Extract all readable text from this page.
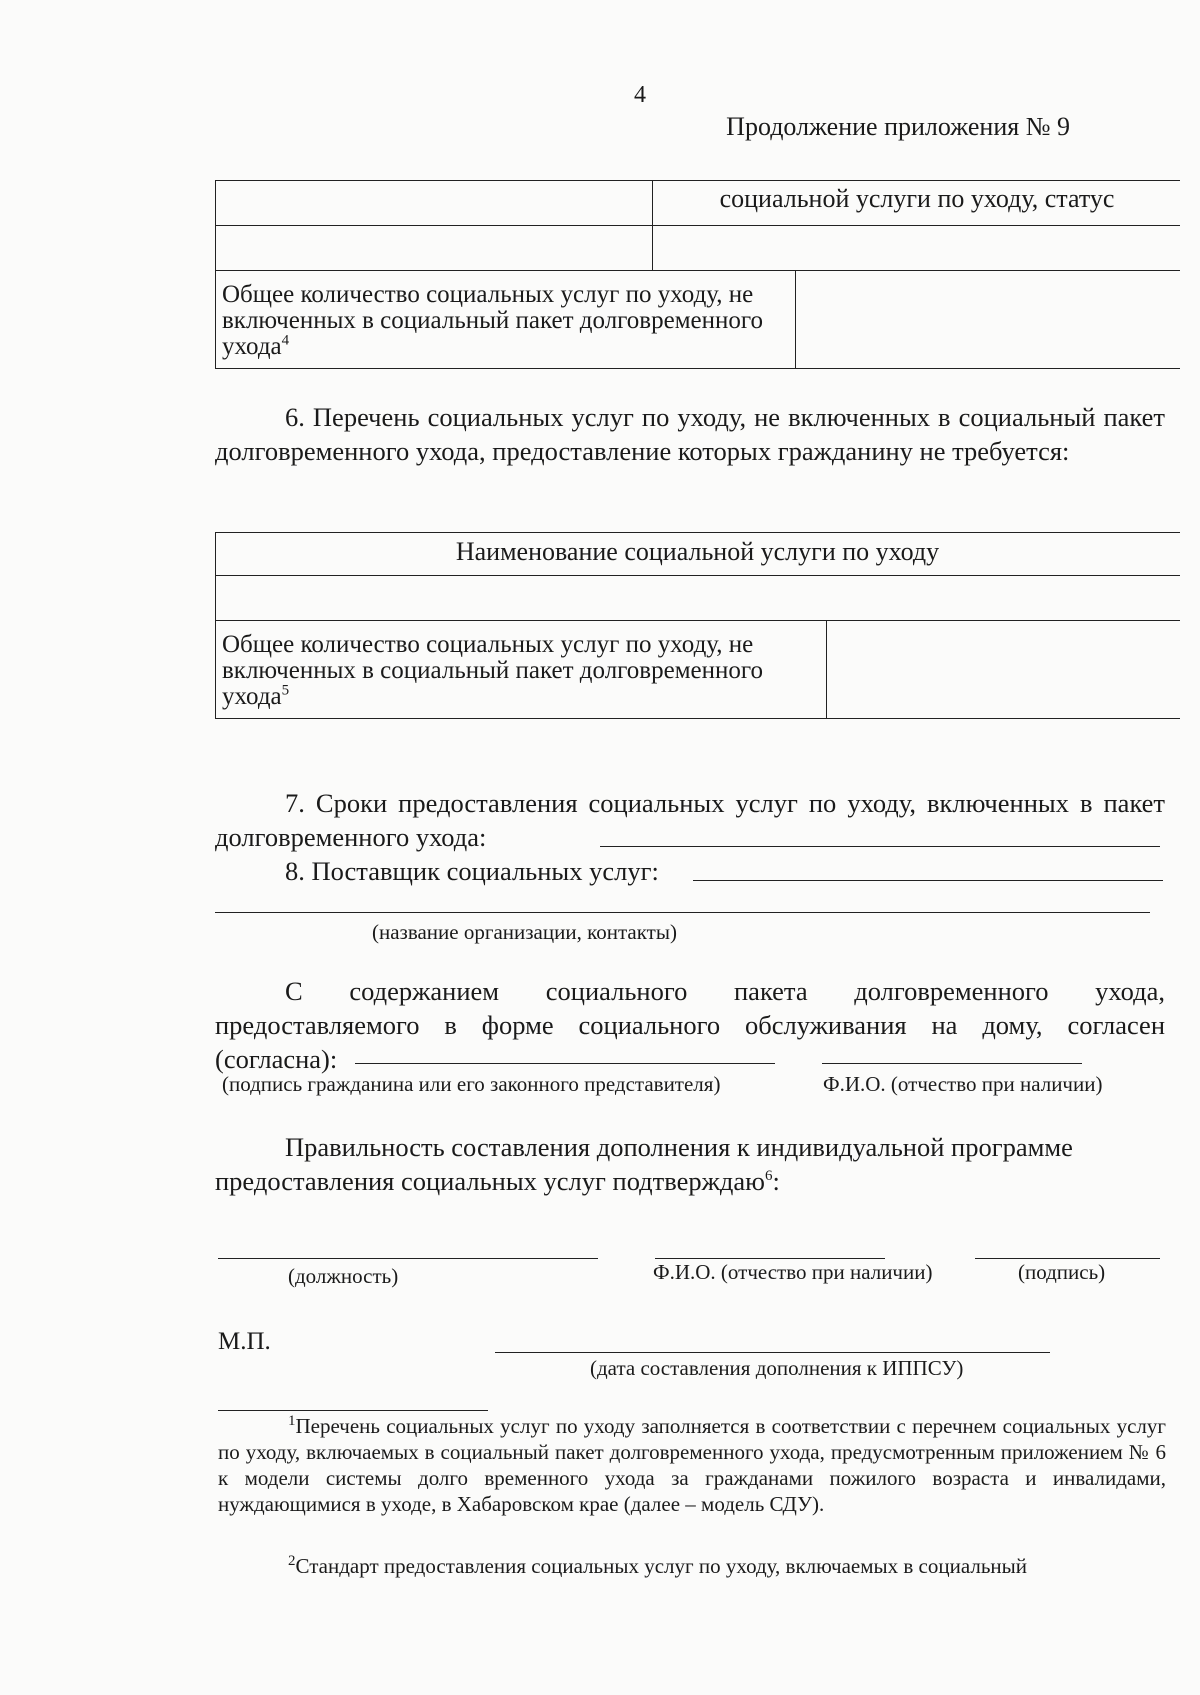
4
Продолжение приложения № 9
социальной услуги по уходу, статус
Общее количество социальных услуг по уходу, не включенных в социальный пакет долговременного ухода$^4$
6. Перечень социальных услуг по уходу, не включенных в социальный пакет долговременного ухода, предоставление которых гражданину не требуется:
Наименование социальной услуги по уходу
Общее количество социальных услуг по уходу, не включенных в социальный пакет долговременного ухода$^5$
7. Сроки предоставления социальных услуг по уходу, включенных в пакет долговременного ухода:
8. Поставщик социальных услуг:
(название организации, контакты)
С содержанием социального пакета долговременного ухода, предоставляемого в форме социального обслуживания на дому, согласен (согласна):
(подпись гражданина или его законного представителя)	Ф.И.О. (отчество при наличии)
Правильность составления дополнения к индивидуальной программе предоставления социальных услуг подтверждаю$^6$:
(должность)	Ф.И.О. (отчество при наличии)	(подпись)
М.П.
(дата составления дополнения к ИППСУ)
$^1$Перечень социальных услуг по уходу заполняется в соответствии с перечнем социальных услуг по уходу, включаемых в социальный пакет долговременного ухода, предусмотренным приложением № 6 к модели системы долго временного ухода за гражданами пожилого возраста и инвалидами, нуждающимися в уходе, в Хабаровском крае (далее – модель СДУ).
$^2$Стандарт предоставления социальных услуг по уходу, включаемых в социальный
